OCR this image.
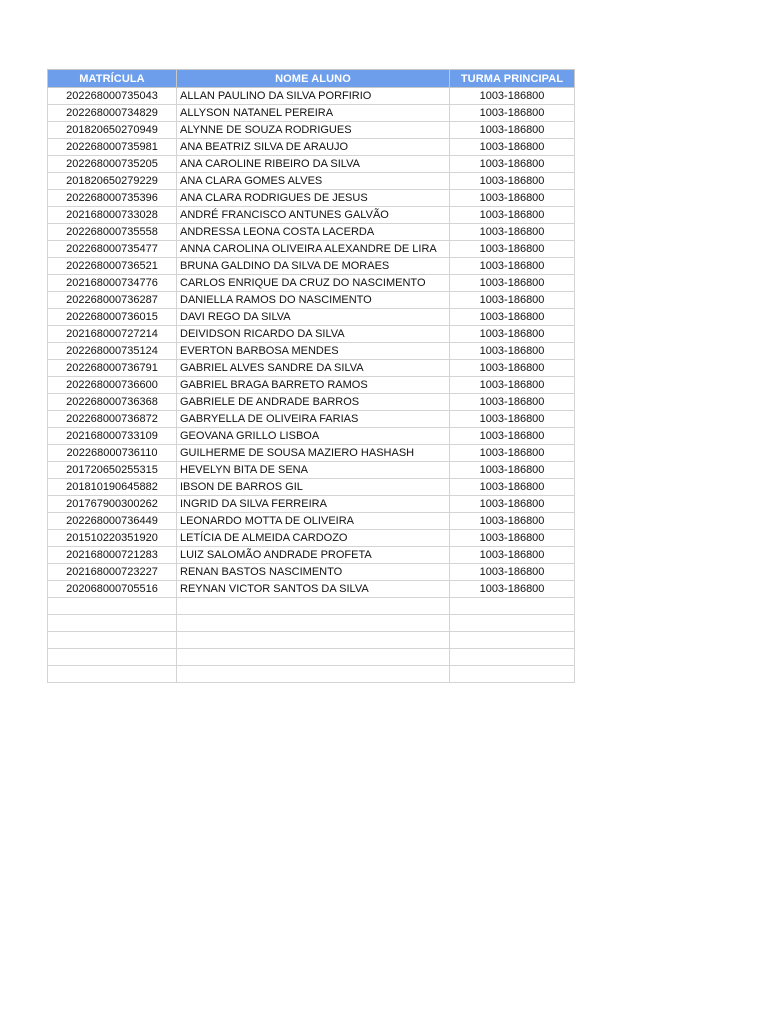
MATRÍCULA	NOME ALUNO	TURMA PRINCIPAL
202268000735043	ALLAN PAULINO DA SILVA PORFIRIO	1003-186800
202268000734829	ALLYSON NATANEL PEREIRA	1003-186800
201820650270949	ALYNNE DE SOUZA RODRIGUES	1003-186800
202268000735981	ANA BEATRIZ SILVA DE ARAUJO	1003-186800
202268000735205	ANA CAROLINE RIBEIRO DA SILVA	1003-186800
201820650279229	ANA CLARA GOMES ALVES	1003-186800
202268000735396	ANA CLARA RODRIGUES DE JESUS	1003-186800
202168000733028	ANDRÉ FRANCISCO ANTUNES GALVÃO	1003-186800
202268000735558	ANDRESSA LEONA COSTA LACERDA	1003-186800
202268000735477	ANNA CAROLINA OLIVEIRA ALEXANDRE DE LIRA	1003-186800
202268000736521	BRUNA GALDINO DA SILVA DE MORAES	1003-186800
202168000734776	CARLOS ENRIQUE DA CRUZ DO NASCIMENTO	1003-186800
202268000736287	DANIELLA RAMOS DO NASCIMENTO	1003-186800
202268000736015	DAVI REGO DA SILVA	1003-186800
202168000727214	DEIVIDSON RICARDO DA SILVA	1003-186800
202268000735124	EVERTON BARBOSA MENDES	1003-186800
202268000736791	GABRIEL ALVES SANDRE DA SILVA	1003-186800
202268000736600	GABRIEL BRAGA BARRETO RAMOS	1003-186800
202268000736368	GABRIELE DE ANDRADE BARROS	1003-186800
202268000736872	GABRYELLA DE OLIVEIRA FARIAS	1003-186800
202168000733109	GEOVANA GRILLO LISBOA	1003-186800
202268000736110	GUILHERME DE SOUSA MAZIERO HASHASH	1003-186800
201720650255315	HEVELYN BITA DE SENA	1003-186800
201810190645882	IBSON DE BARROS GIL	1003-186800
201767900300262	INGRID DA SILVA FERREIRA	1003-186800
202268000736449	LEONARDO MOTTA DE OLIVEIRA	1003-186800
201510220351920	LETÍCIA DE ALMEIDA CARDOZO	1003-186800
202168000721283	LUIZ SALOMÃO ANDRADE PROFETA	1003-186800
202168000723227	RENAN BASTOS NASCIMENTO	1003-186800
202068000705516	REYNAN VICTOR SANTOS DA SILVA	1003-186800
